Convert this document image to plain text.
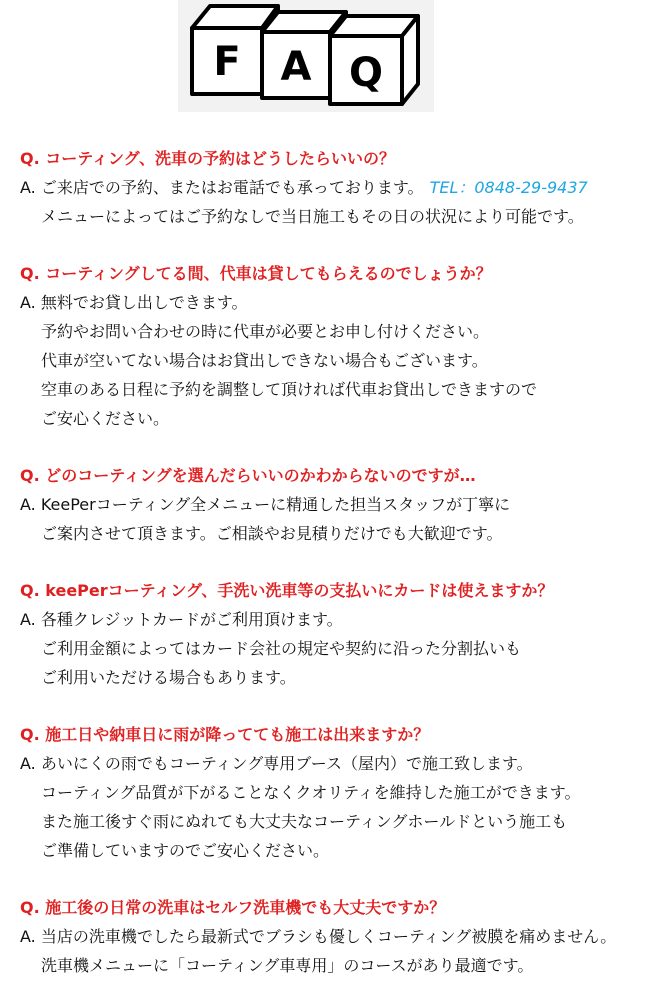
F A Q
Q. コーティング、洗車の予約はどうしたらいいの？
A. ご来店での予約、またはお電話でも承っております。 TEL：0848-29-9437
メニューによってはご予約なしで当日施工もその日の状況により可能です。
Q. コーティングしてる間、代車は貸してもらえるのでしょうか？
A. 無料でお貸し出しできます。
予約やお問い合わせの時に代車が必要とお申し付けください。
代車が空いてない場合はお貸出しできない場合もございます。
空車のある日程に予約を調整して頂ければ代車お貸出しできますので
ご安心ください。
Q. どのコーティングを選んだらいいのかわからないのですが…
A. KeePerコーティング全メニューに精通した担当スタッフが丁寧に
ご案内させて頂きます。ご相談やお見積りだけでも大歓迎です。
Q. keePerコーティング、手洗い洗車等の支払いにカードは使えますか？
A. 各種クレジットカードがご利用頂けます。
ご利用金額によってはカード会社の規定や契約に沿った分割払いも
ご利用いただける場合もあります。
Q. 施工日や納車日に雨が降ってても施工は出来ますか？
A. あいにくの雨でもコーティング専用ブース（屋内）で施工致します。
コーティング品質が下がることなくクオリティを維持した施工ができます。
また施工後すぐ雨にぬれても大丈夫なコーティングホールドという施工も
ご準備していますのでご安心ください。
Q. 施工後の日常の洗車はセルフ洗車機でも大丈夫ですか？
A. 当店の洗車機でしたら最新式でブラシも優しくコーティング被膜を痛めません。
洗車機メニューに「コーティング車専用」のコースがあり最適です。
